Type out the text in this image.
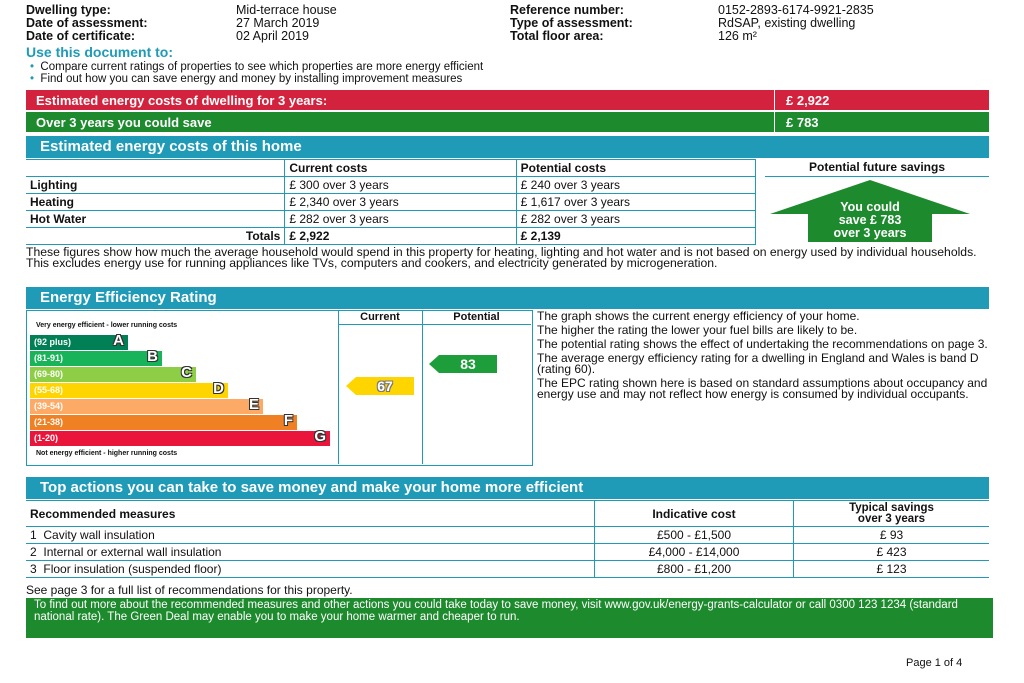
Dwelling type:	Mid-terrace house
Date of assessment:	27 March 2019
Date of certificate:	02 April 2019
Reference number:	0152-2893-6174-9921-2835
Type of assessment:	RdSAP, existing dwelling
Total floor area:	126 m²
Use this document to:
• Compare current ratings of properties to see which properties are more energy efficient
• Find out how you can save energy and money by installing improvement measures
Estimated energy costs of dwelling for 3 years:	£ 2,922
Over 3 years you could save	£ 783
Estimated energy costs of this home
	Current costs	Potential costs
Lighting	£ 300 over 3 years	£ 240 over 3 years
Heating	£ 2,340 over 3 years	£ 1,617 over 3 years
Hot Water	£ 282 over 3 years	£ 282 over 3 years
Totals	£ 2,922	£ 2,139
Potential future savings
You could
save £ 783
over 3 years
These figures show how much the average household would spend in this property for heating, lighting and hot water and is not based on energy used by individual households. This excludes energy use for running appliances like TVs, computers and cookers, and electricity generated by microgeneration.
Energy Efficiency Rating
Current	Potential
Very energy efficient - lower running costs
(92 plus)	A
(81-91)	B
(69-80)	C
(55-68)	D
(39-54)	E
(21-38)	F
(1-20)	G
Not energy efficient - higher running costs
67
83
The graph shows the current energy efficiency of your home.
The higher the rating the lower your fuel bills are likely to be.
The potential rating shows the effect of undertaking the recommendations on page 3.
The average energy efficiency rating for a dwelling in England and Wales is band D (rating 60).
The EPC rating shown here is based on standard assumptions about occupancy and energy use and may not reflect how energy is consumed by individual occupants.
Top actions you can take to save money and make your home more efficient
Recommended measures	Indicative cost	Typical savings
over 3 years

1 Cavity wall insulation	£500 - £1,500	£ 93
2 Internal or external wall insulation	£4,000 - £14,000	£ 423
3 Floor insulation (suspended floor)	£800 - £1,200	£ 123
See page 3 for a full list of recommendations for this property.
To find out more about the recommended measures and other actions you could take today to save money, visit www.gov.uk/energy-grants-calculator or call 0300 123 1234 (standard national rate). The Green Deal may enable you to make your home warmer and cheaper to run.
Page 1 of 4
